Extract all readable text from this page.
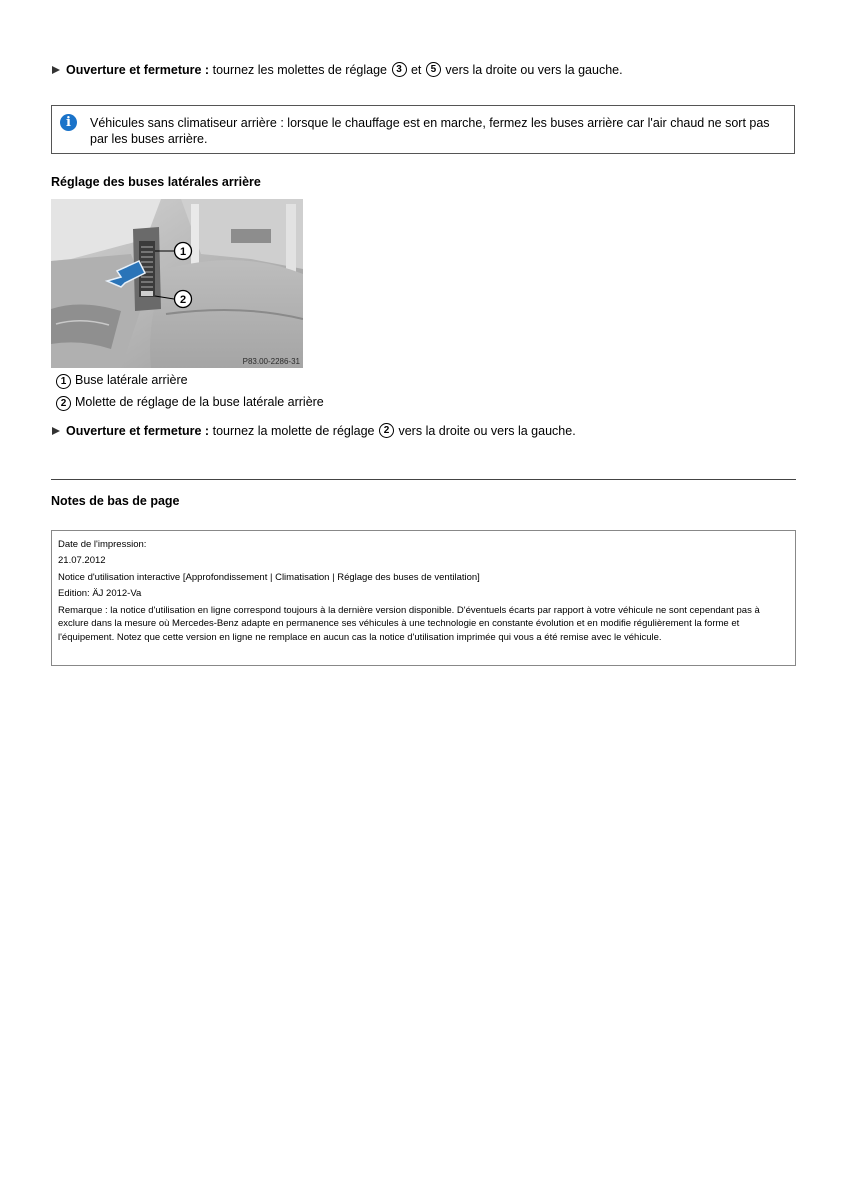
Ouverture et fermeture : tournez les molettes de réglage 3 et 5 vers la droite ou vers la gauche.
i	Véhicules sans climatiseur arrière : lorsque le chauffage est en marche, fermez les buses arrière car l'air chaud ne sort pas par les buses arrière.
Réglage des buses latérales arrière
1
2
P83.00-2286-31
1 Buse latérale arrière
2 Molette de réglage de la buse latérale arrière
Ouverture et fermeture : tournez la molette de réglage 2 vers la droite ou vers la gauche.
Notes de bas de page

Date de l'impression:

21.07.2012

Notice d'utilisation interactive [Approfondissement | Climatisation | Réglage des buses de ventilation]

Edition: ÄJ 2012-Va

Remarque : la notice d'utilisation en ligne correspond toujours à la dernière version disponible. D'éventuels écarts par rapport à votre véhicule ne sont cependant pas à exclure dans la mesure où Mercedes-Benz adapte en permanence ses véhicules à une technologie en constante évolution et en modifie régulièrement la forme et l'équipement. Notez que cette version en ligne ne remplace en aucun cas la notice d'utilisation imprimée qui vous a été remise avec le véhicule.
